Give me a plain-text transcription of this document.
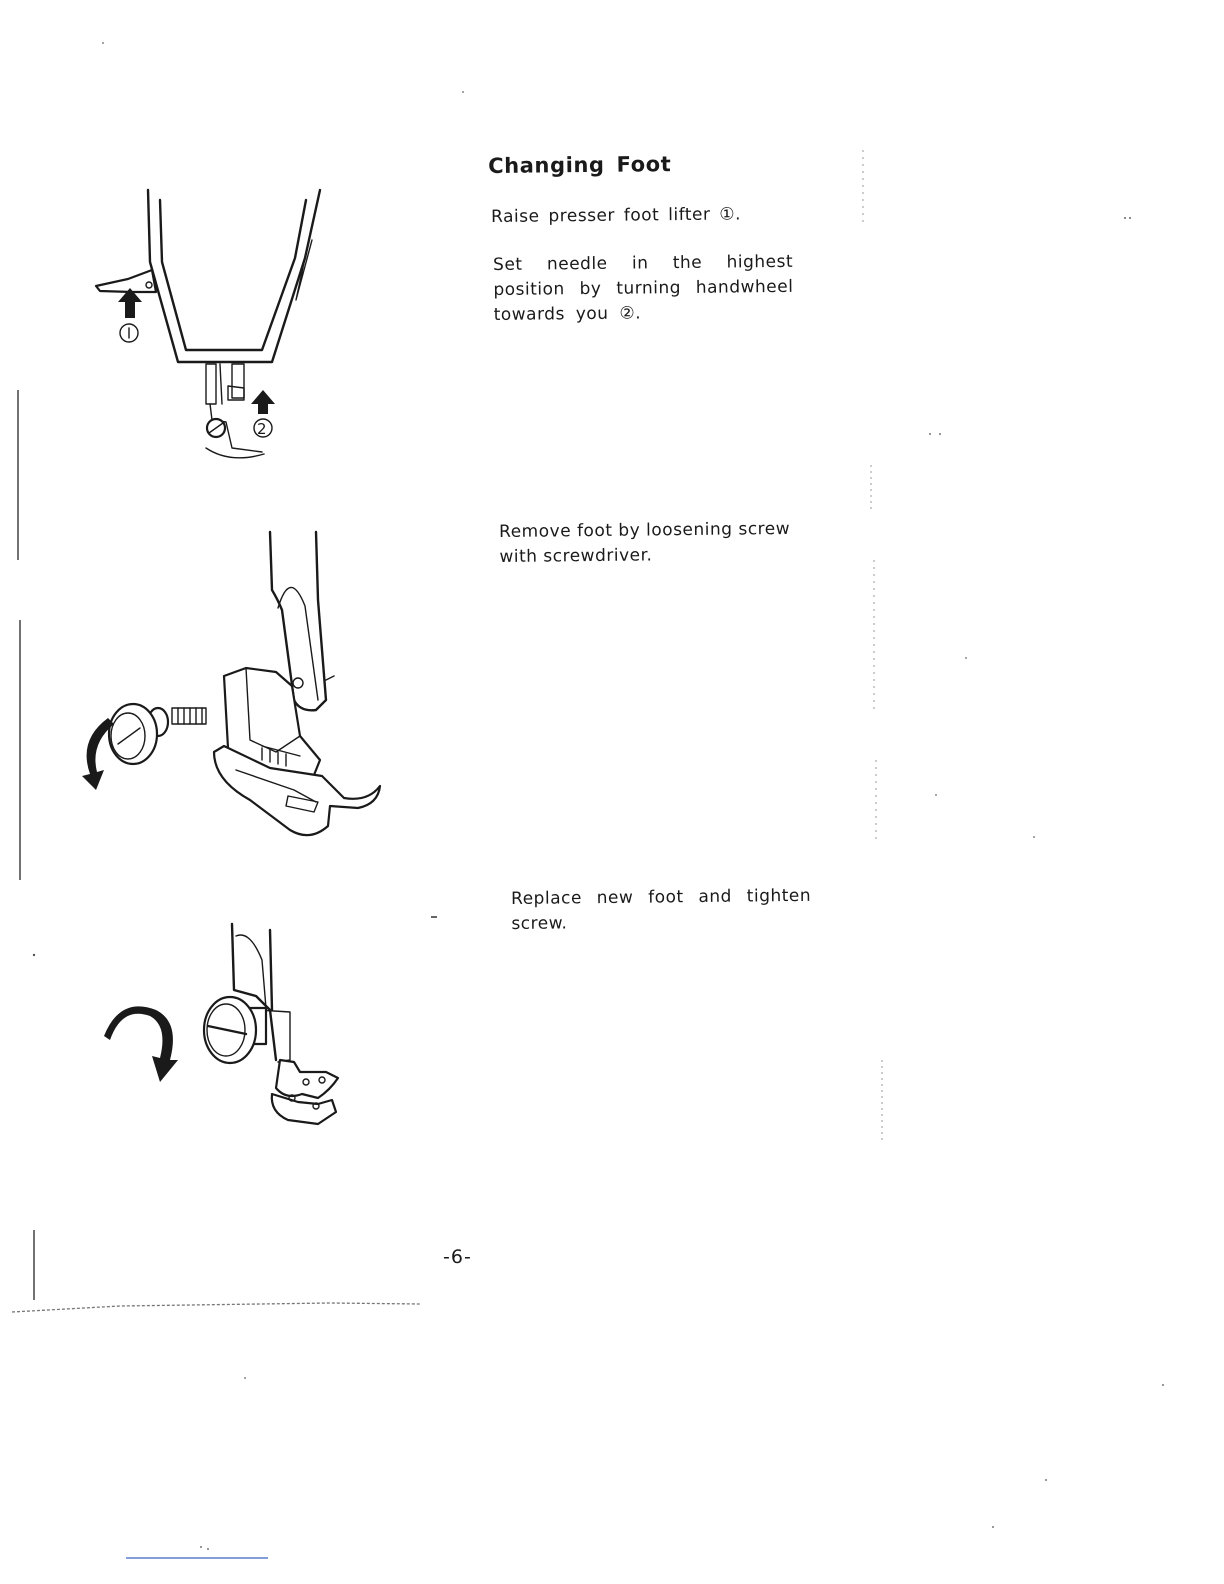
2
Changing Foot

Raise presser foot lifter ①.

Set needle in the highest position by turning handwheel towards you ②.

Remove foot by loosening screw with screwdriver.

Replace new foot and tighten screw.

-6-
